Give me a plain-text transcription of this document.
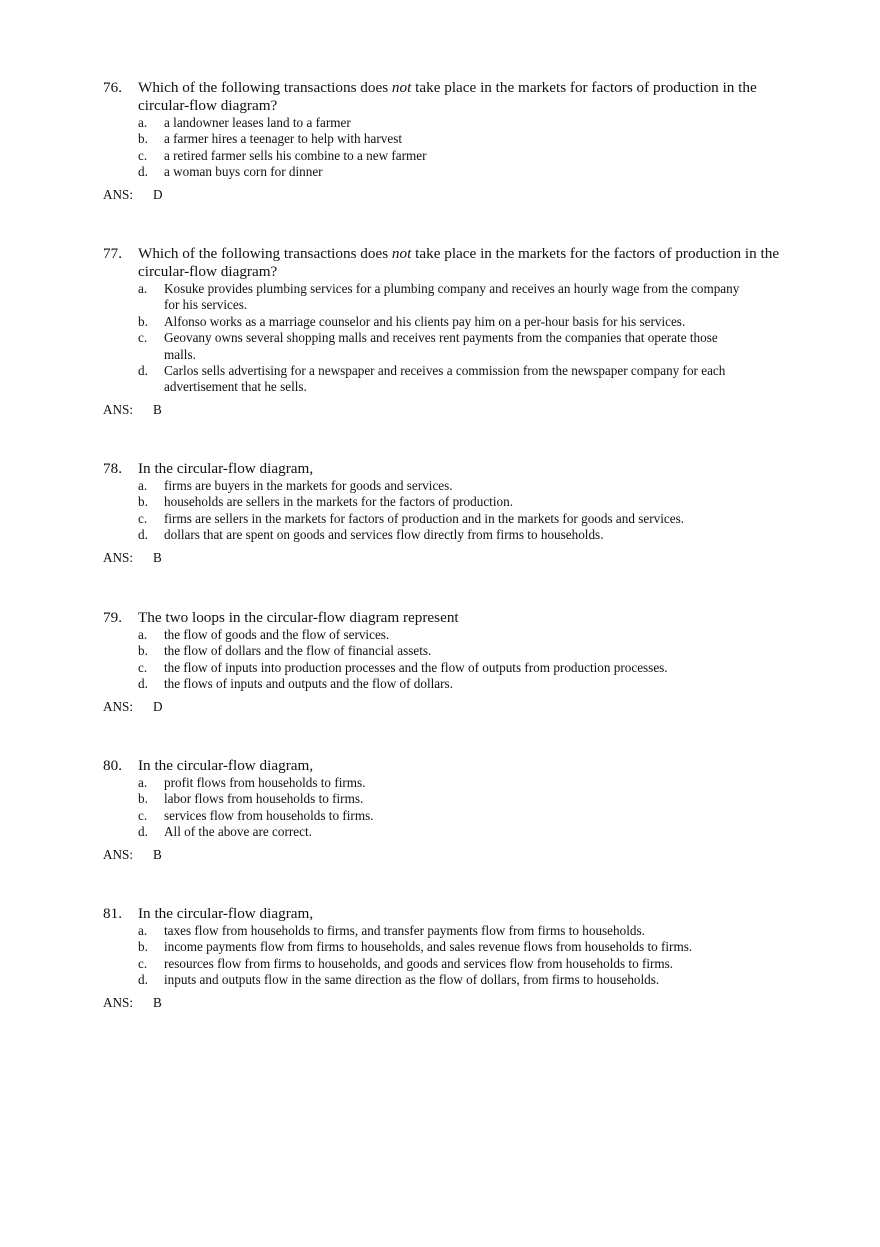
76. Which of the following transactions does not take place in the markets for factors of production in the circular-flow diagram?
a. a landowner leases land to a farmer
b. a farmer hires a teenager to help with harvest
c. a retired farmer sells his combine to a new farmer
d. a woman buys corn for dinner
ANS: D
77. Which of the following transactions does not take place in the markets for the factors of production in the circular-flow diagram?
a. Kosuke provides plumbing services for a plumbing company and receives an hourly wage from the company for his services.
b. Alfonso works as a marriage counselor and his clients pay him on a per-hour basis for his services.
c. Geovany owns several shopping malls and receives rent payments from the companies that operate those malls.
d. Carlos sells advertising for a newspaper and receives a commission from the newspaper company for each advertisement that he sells.
ANS: B
78. In the circular-flow diagram,
a. firms are buyers in the markets for goods and services.
b. households are sellers in the markets for the factors of production.
c. firms are sellers in the markets for factors of production and in the markets for goods and services.
d. dollars that are spent on goods and services flow directly from firms to households.
ANS: B
79. The two loops in the circular-flow diagram represent
a. the flow of goods and the flow of services.
b. the flow of dollars and the flow of financial assets.
c. the flow of inputs into production processes and the flow of outputs from production processes.
d. the flows of inputs and outputs and the flow of dollars.
ANS: D
80. In the circular-flow diagram,
a. profit flows from households to firms.
b. labor flows from households to firms.
c. services flow from households to firms.
d. All of the above are correct.
ANS: B
81. In the circular-flow diagram,
a. taxes flow from households to firms, and transfer payments flow from firms to households.
b. income payments flow from firms to households, and sales revenue flows from households to firms.
c. resources flow from firms to households, and goods and services flow from households to firms.
d. inputs and outputs flow in the same direction as the flow of dollars, from firms to households.
ANS: B
